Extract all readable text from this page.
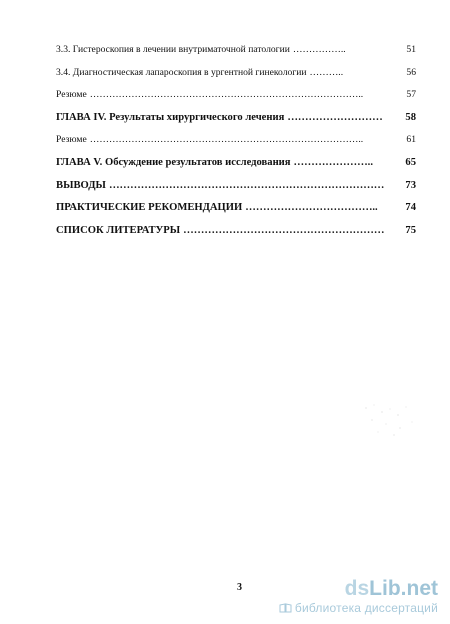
3.3. Гистероскопия в лечении внутриматочной патологии ……………..	51
3.4. Диагностическая лапароскопия в ургентной гинекологии ………..	56
Резюме …………………………………………………………………………..	57
ГЛАВА IV. Результаты хирургического лечения ………………………	58
Резюме …………………………………………………………………………..	61
ГЛАВА V. Обсуждение результатов исследования …………………..	65
ВЫВОДЫ ……………………………………………………………………	73
ПРАКТИЧЕСКИЕ РЕКОМЕНДАЦИИ ………………………………..	74
СПИСОК ЛИТЕРАТУРЫ …………………………………………………	75
3	ds Lib.net
библиотека диссертаций
